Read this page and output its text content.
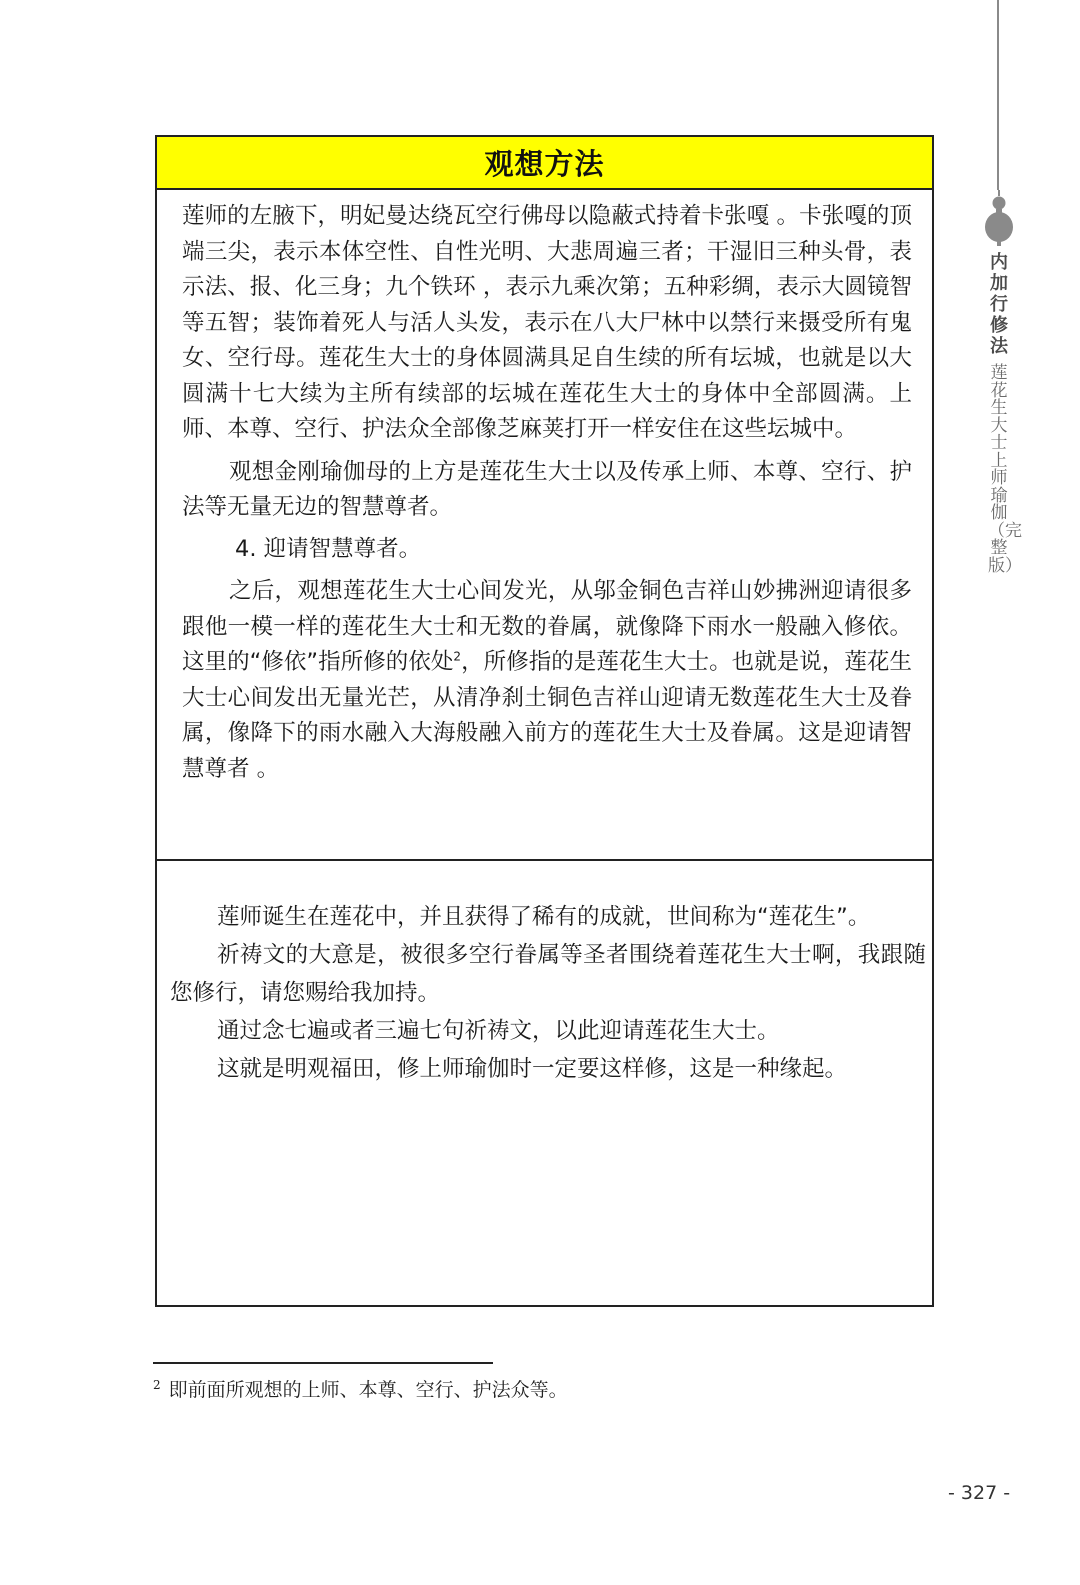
内加行修法
莲花生大士上师瑜伽（完整版）
观想方法

莲师的左腋下，明妃曼达绕瓦空行佛母以隐蔽式持着卡张嘎 。卡张嘎的顶端三尖，表示本体空性、自性光明、大悲周遍三者；干湿旧三种头骨，表示法、报、化三身；九个铁环 ，表示九乘次第；五种彩绸，表示大圆镜智等五智；装饰着死人与活人头发，表示在八大尸林中以禁行来摄受所有鬼女、空行母。莲花生大士的身体圆满具足自生续的所有坛城，也就是以大圆满十七大续为主所有续部的坛城在莲花生大士的身体中全部圆满。上师、本尊、空行、护法众全部像芝麻荚打开一样安住在这些坛城中。

观想金刚瑜伽母的上方是莲花生大士以及传承上师、本尊、空行、护法等无量无边的智慧尊者。

4. 迎请智慧尊者。

之后，观想莲花生大士心间发光，从邬金铜色吉祥山妙拂洲迎请很多跟他一模一样的莲花生大士和无数的眷属，就像降下雨水一般融入修依。这里的“修依”指所修的依处$^2$，所修指的是莲花生大士。也就是说，莲花生大士心间发出无量光芒，从清净刹土铜色吉祥山迎请无数莲花生大士及眷属，像降下的雨水融入大海般融入前方的莲花生大士及眷属。这是迎请智慧尊者 。

莲师诞生在莲花中，并且获得了稀有的成就，世间称为“莲花生”。

祈祷文的大意是，被很多空行眷属等圣者围绕着莲花生大士啊，我跟随您修行，请您赐给我加持。

通过念七遍或者三遍七句祈祷文，以此迎请莲花生大士。

这就是明观福田，修上师瑜伽时一定要这样修，这是一种缘起。

$^2$ 即前面所观想的上师、本尊、空行、护法众等。
- 327 -
